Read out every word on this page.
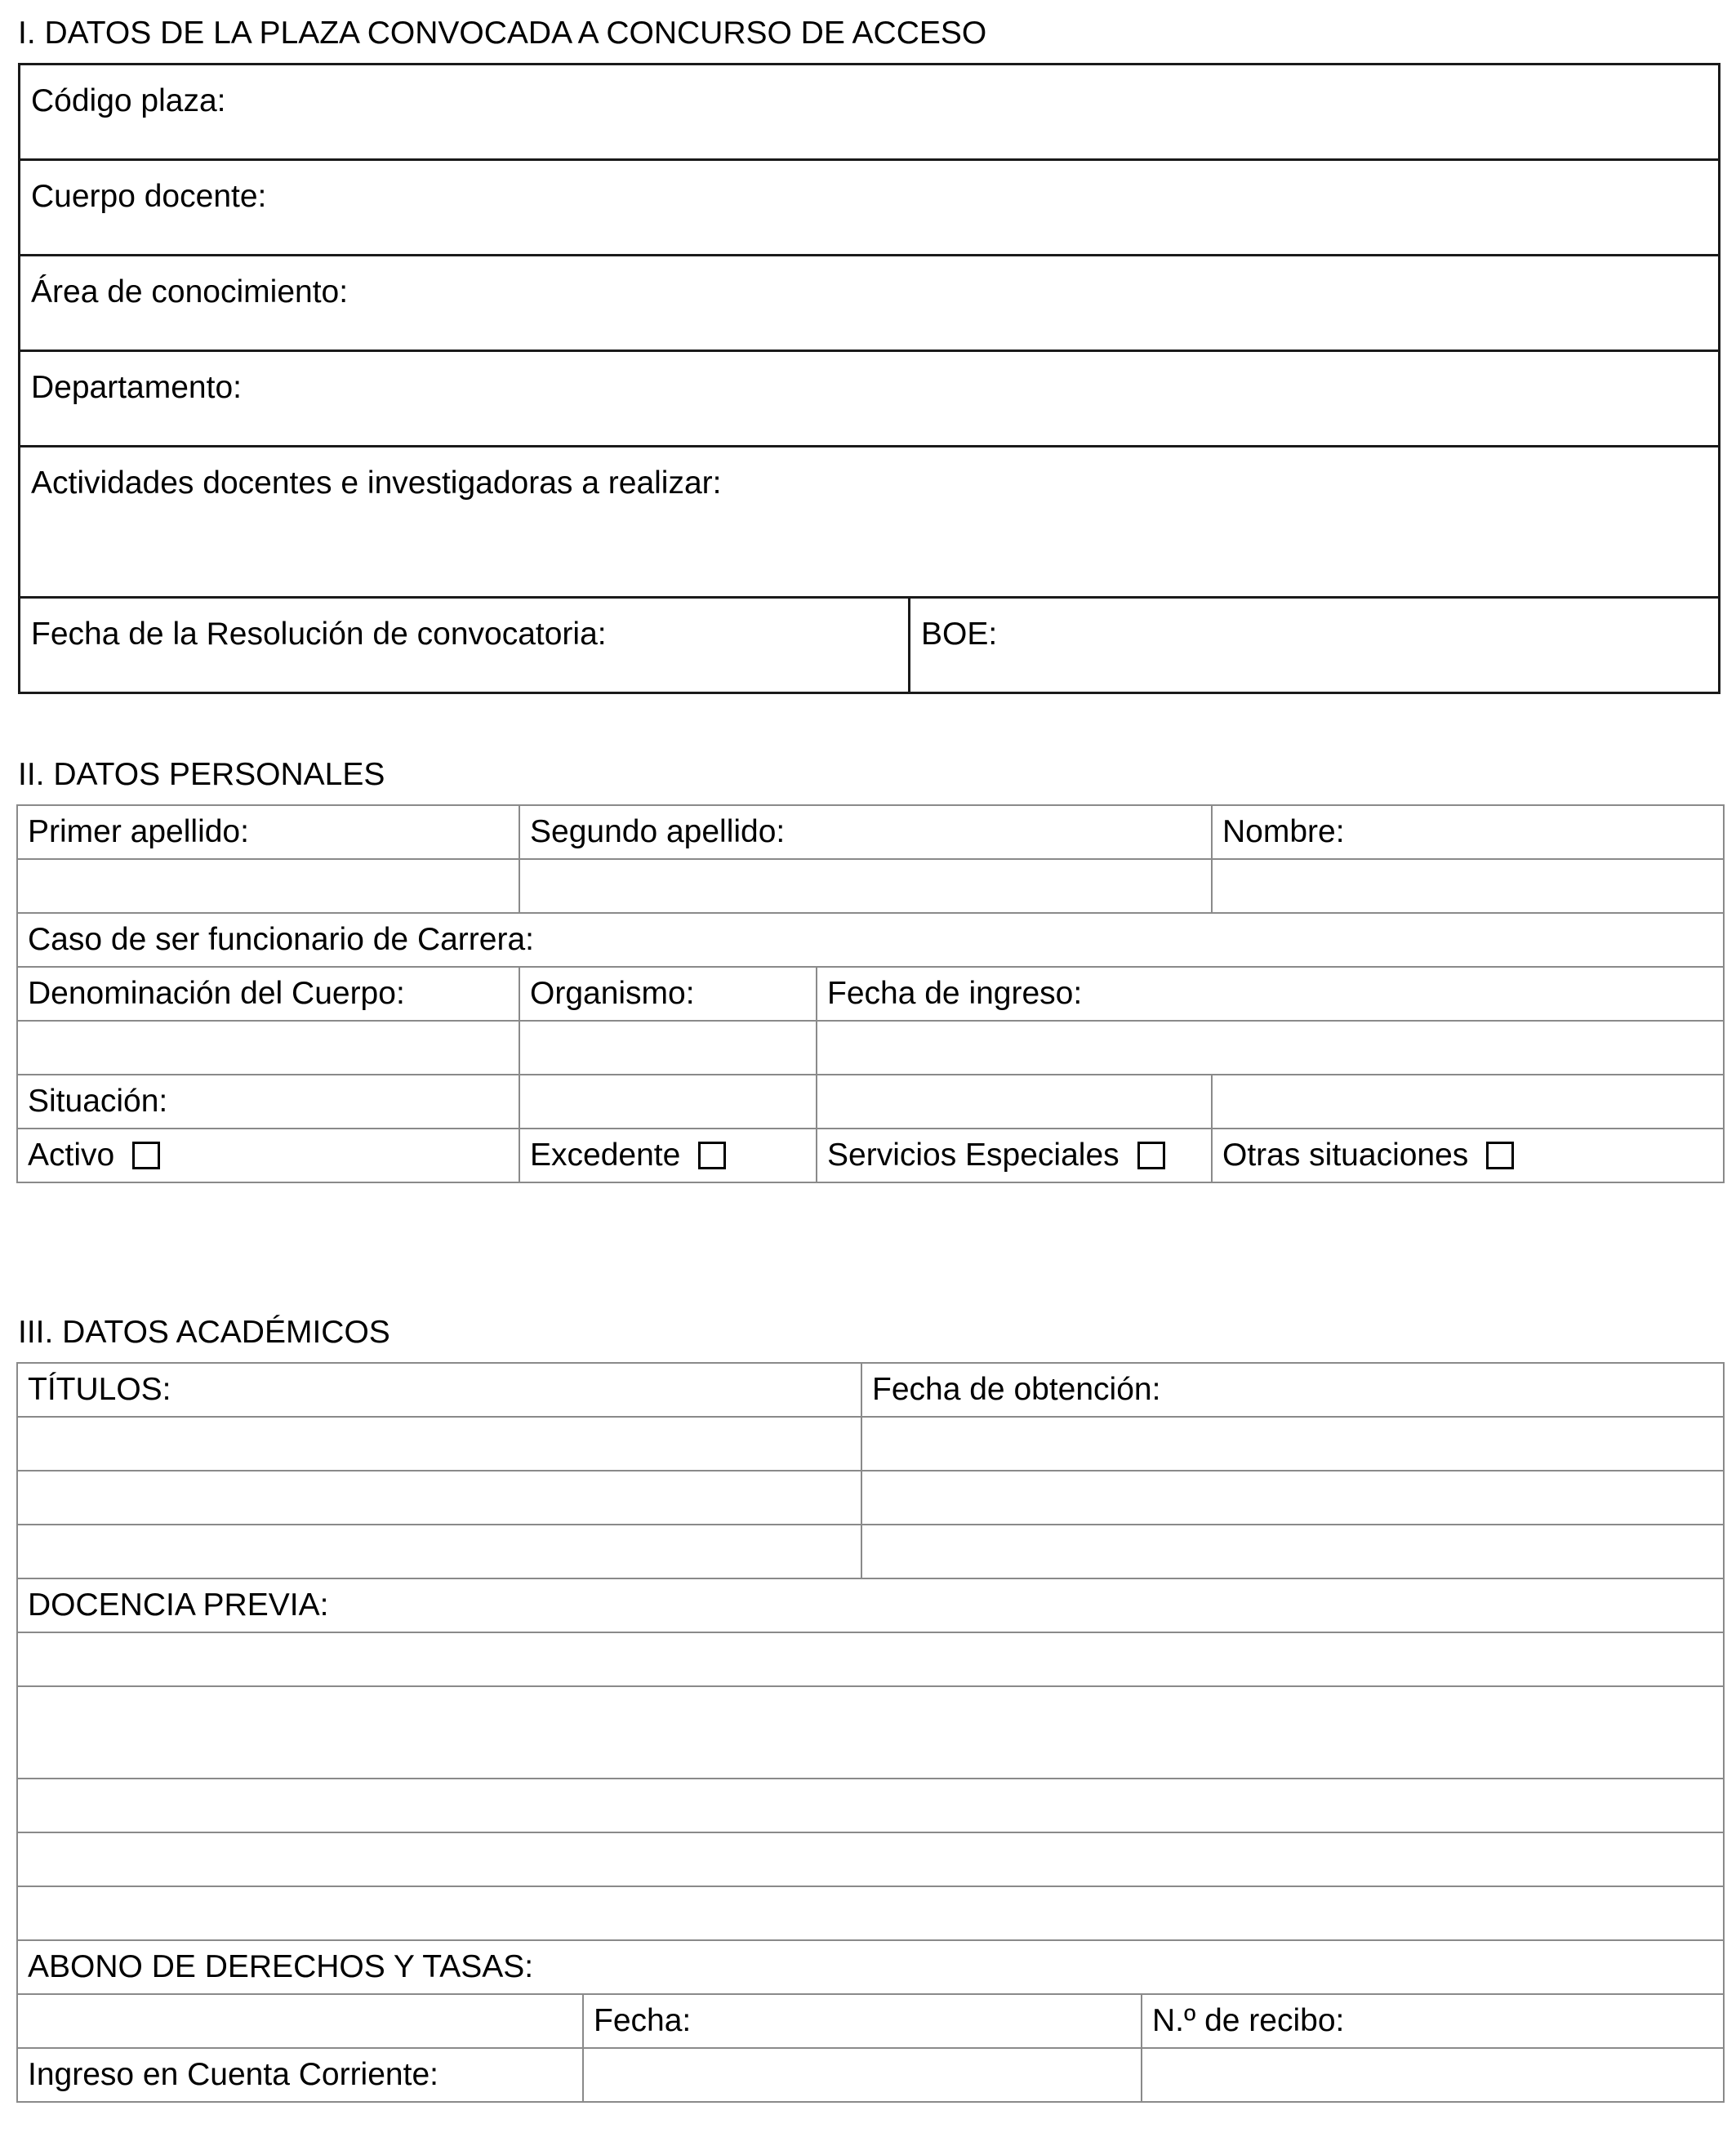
I. DATOS DE LA PLAZA CONVOCADA A CONCURSO DE ACCESO
Código plaza:
Cuerpo docente:
Área de conocimiento:
Departamento:
Actividades docentes e investigadoras a realizar:
Fecha de la Resolución de convocatoria:	BOE:
II. DATOS PERSONALES
Primer apellido:	Segundo apellido:		Nombre:

Caso de ser funcionario de Carrera:			
Denominación del Cuerpo:	Organismo:	Fecha de ingreso:	

Situación:			
Activo	Excedente	Servicios Especiales	Otras situaciones
III. DATOS ACADÉMICOS
TÍTULOS:		Fecha de obtención:	

DOCENCIA PREVIA:			

ABONO DE DERECHOS Y TASAS:			
	Fecha:		N.º de recibo:
Ingreso en Cuenta Corriente:			
